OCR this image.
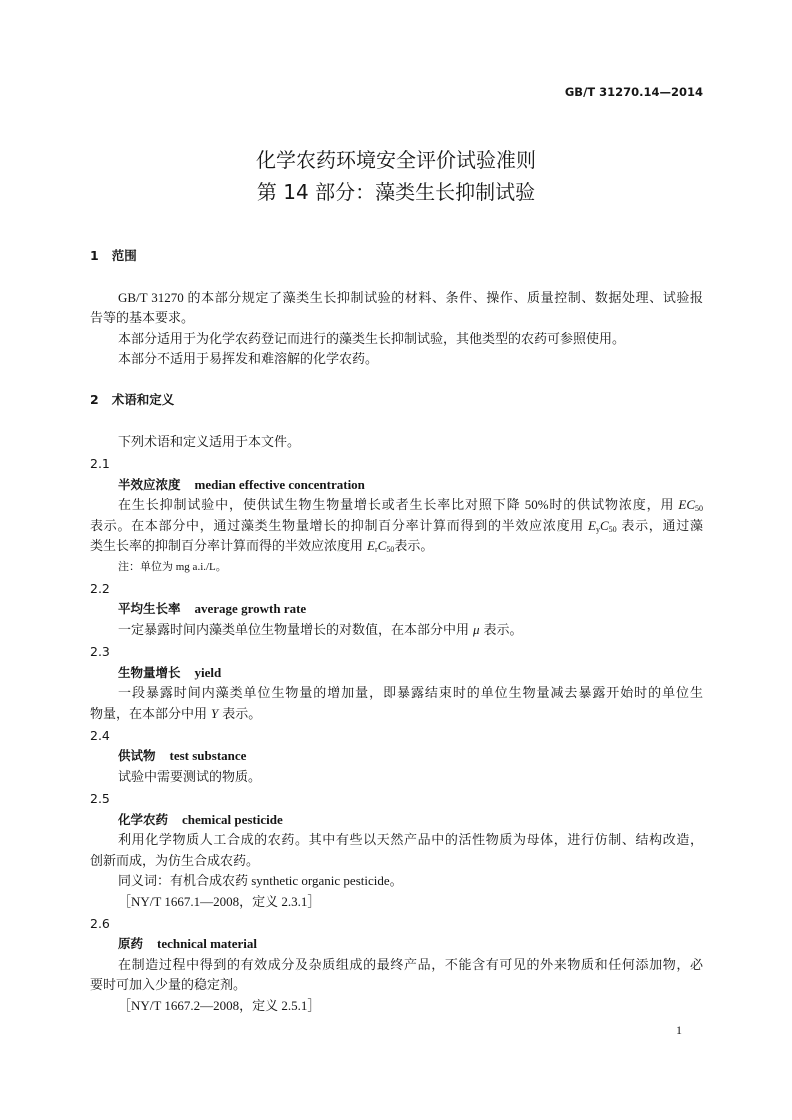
GB/T 31270.14—2014
化学农药环境安全评价试验准则
第 14 部分：藻类生长抑制试验
1 范围
GB/T 31270 的本部分规定了藻类生长抑制试验的材料、条件、操作、质量控制、数据处理、试验报
告等的基本要求。
本部分适用于为化学农药登记而进行的藻类生长抑制试验，其他类型的农药可参照使用。
本部分不适用于易挥发和难溶解的化学农药。
2 术语和定义
下列术语和定义适用于本文件。
2.1
半效应浓度 median effective concentration
在生长抑制试验中，使供试生物生物量增长或者生长率比对照下降 50%时的供试物浓度，用 $EC_{50}$
表示。在本部分中，通过藻类生物量增长的抑制百分率计算而得到的半效应浓度用 $E_yC_{50}$ 表示，通过藻
类生长率的抑制百分率计算而得的半效应浓度用 $E_rC_{50}$表示。
注：单位为 mg a.i./L。
2.2
平均生长率 average growth rate
一定暴露时间内藻类单位生物量增长的对数值，在本部分中用 μ 表示。
2.3
生物量增长 yield
一段暴露时间内藻类单位生物量的增加量，即暴露结束时的单位生物量减去暴露开始时的单位生
物量，在本部分中用 Y 表示。
2.4
供试物 test substance
试验中需要测试的物质。
2.5
化学农药 chemical pesticide
利用化学物质人工合成的农药。其中有些以天然产品中的活性物质为母体，进行仿制、结构改造，
创新而成，为仿生合成农药。
同义词：有机合成农药 synthetic organic pesticide。
［NY/T 1667.1—2008，定义 2.3.1］
2.6
原药 technical material
在制造过程中得到的有效成分及杂质组成的最终产品，不能含有可见的外来物质和任何添加物，必
要时可加入少量的稳定剂。
［NY/T 1667.2—2008，定义 2.5.1］
1
